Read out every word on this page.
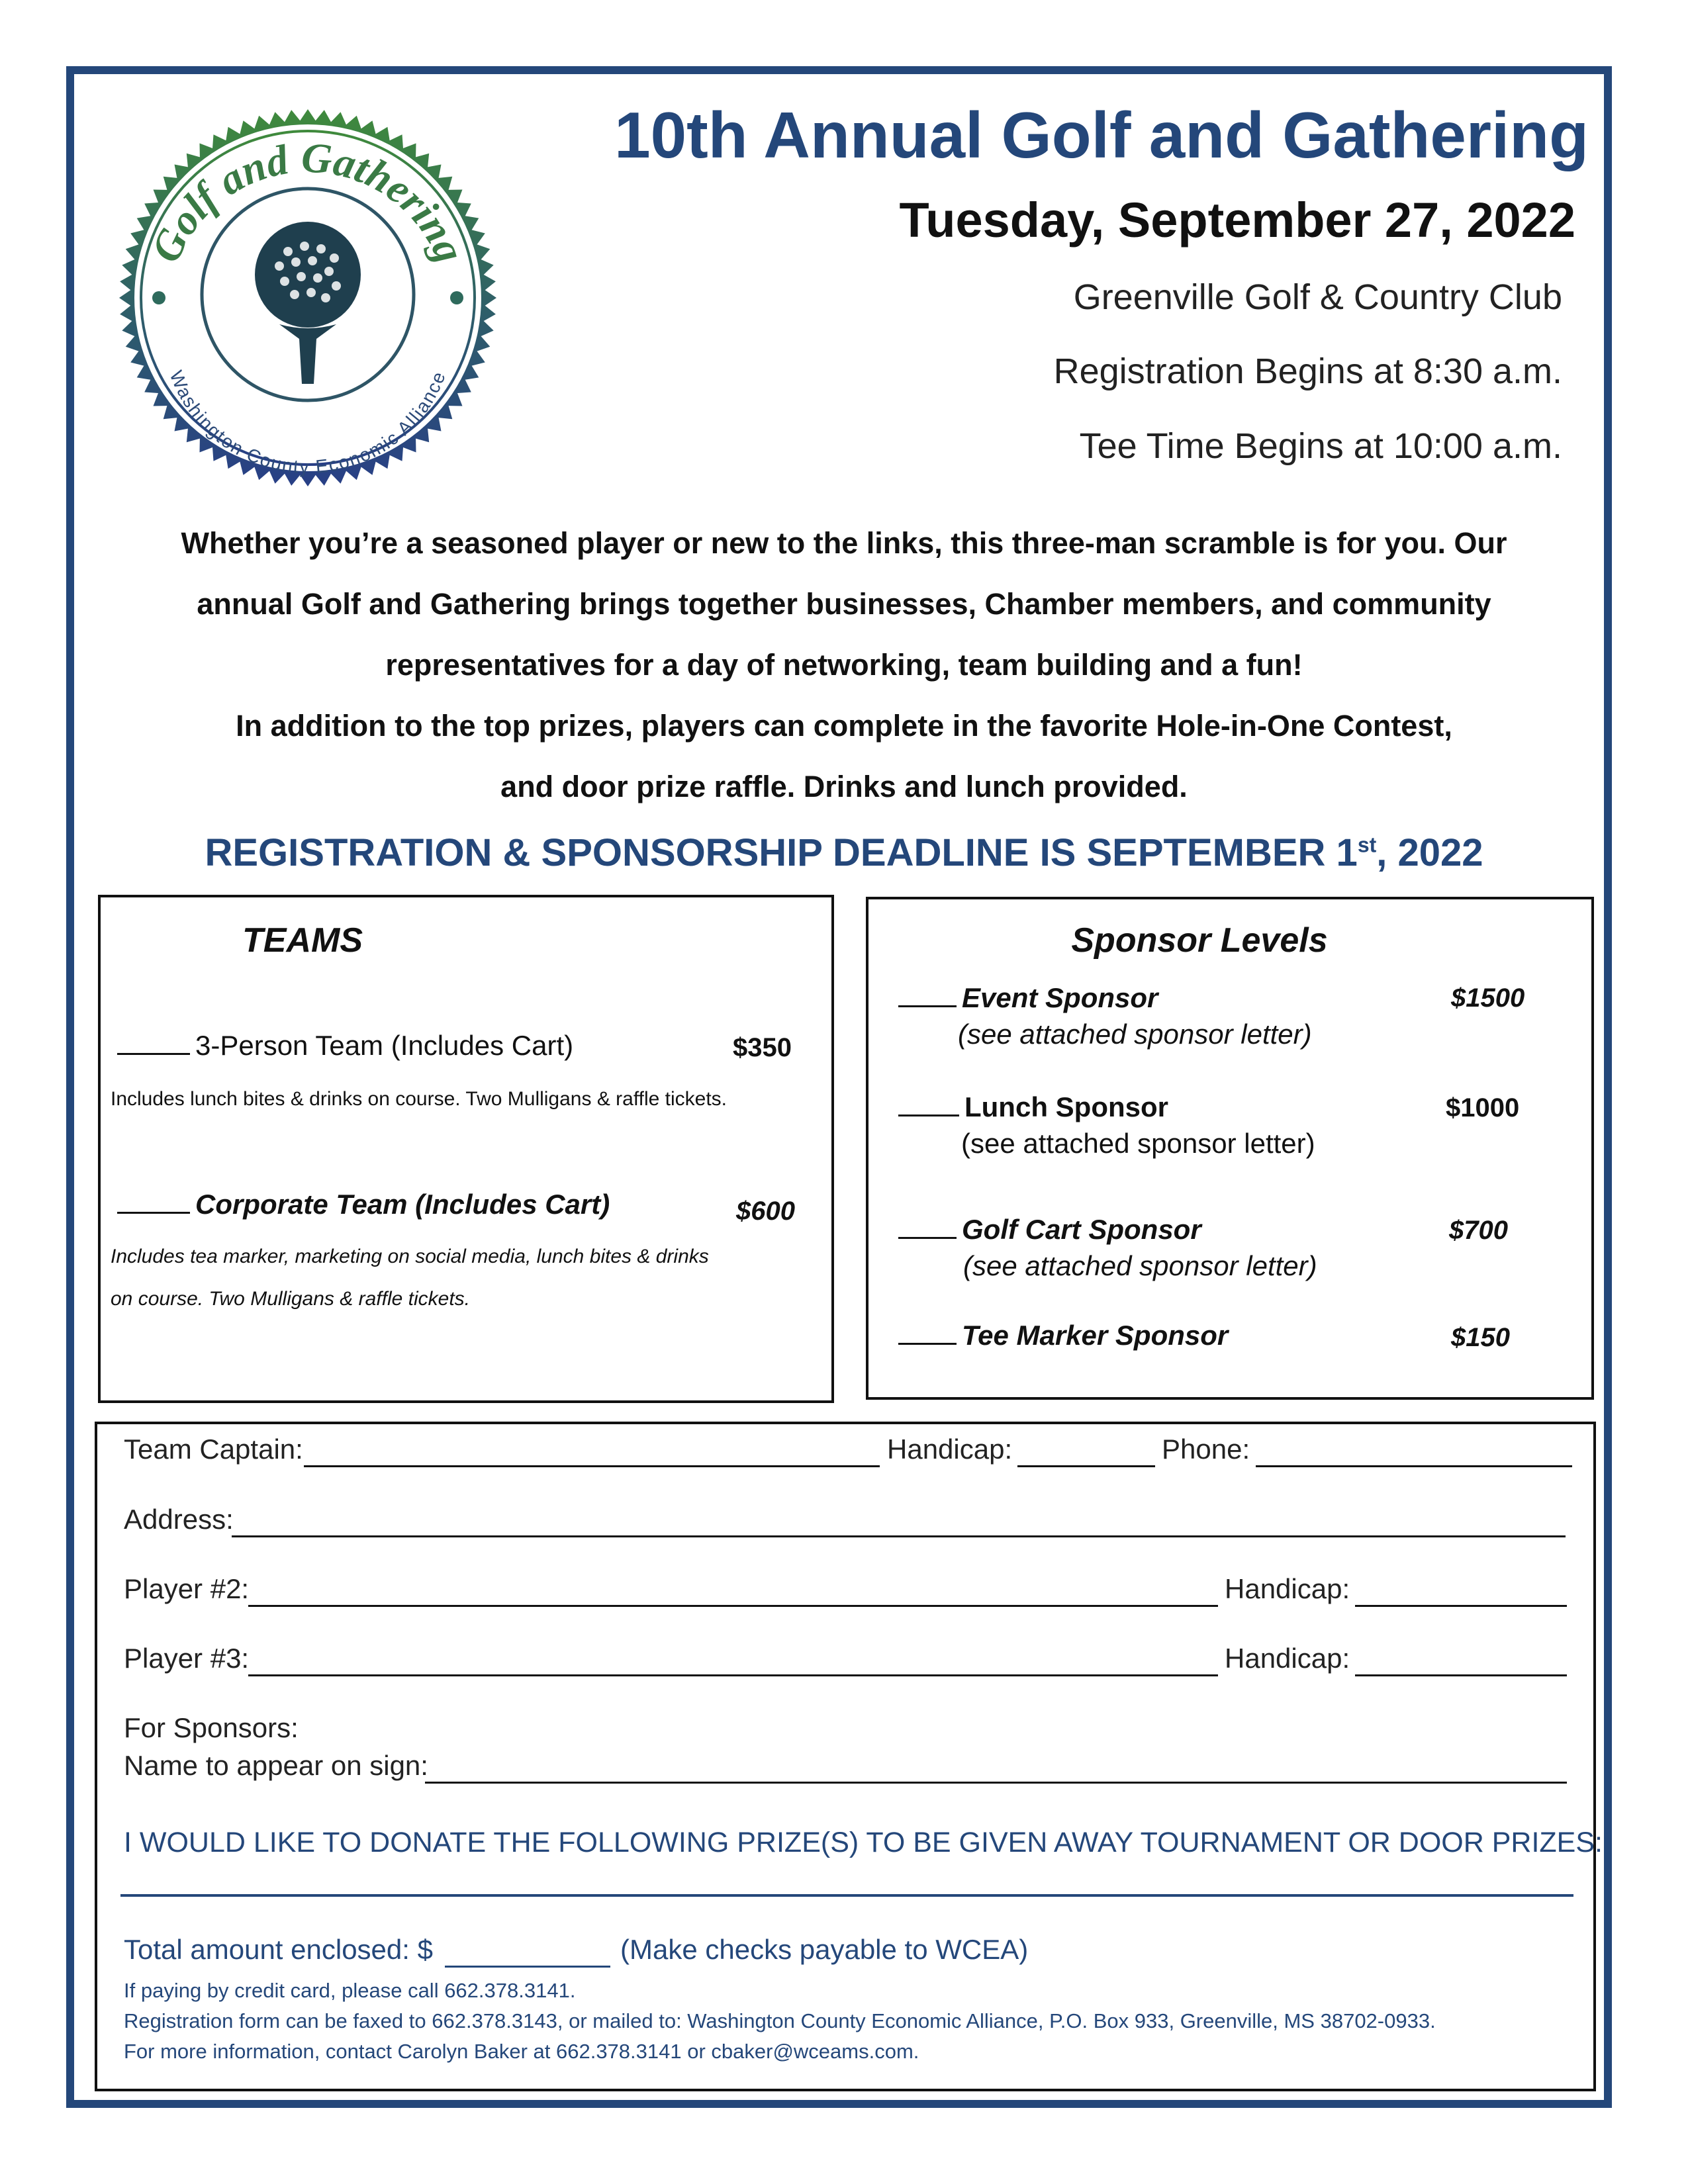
Golf and Gathering
Washington County Economic Alliance
10th Annual Golf and Gathering
Tuesday, September 27, 2022
Greenville Golf & Country Club
Registration Begins at 8:30 a.m.
Tee Time Begins at 10:00 a.m.
Whether you’re a seasoned player or new to the links, this three-man scramble is for you. Our
annual Golf and Gathering brings together businesses, Chamber members, and community
representatives for a day of networking, team building and a fun!
In addition to the top prizes, players can complete in the favorite Hole-in-One Contest,
and door prize raffle. Drinks and lunch provided.
REGISTRATION & SPONSORSHIP DEADLINE IS SEPTEMBER 1st, 2022
TEAMS
3-Person Team (Includes Cart)	$350
Includes lunch bites & drinks on course. Two Mulligans & raffle tickets.
Corporate Team (Includes Cart)	$600
Includes tea marker, marketing on social media, lunch bites & drinks
on course. Two Mulligans & raffle tickets.
Sponsor Levels
Event Sponsor	$1500
(see attached sponsor letter)
Lunch Sponsor	$1000
(see attached sponsor letter)
Golf Cart Sponsor	$700
(see attached sponsor letter)
Tee Marker Sponsor	$150
Team Captain:	Handicap:	Phone:
Address:
Player #2:	Handicap:
Player #3:	Handicap:
For Sponsors:
Name to appear on sign:
I WOULD LIKE TO DONATE THE FOLLOWING PRIZE(S) TO BE GIVEN AWAY TOURNAMENT OR DOOR PRIZES:
Total amount enclosed: $	(Make checks payable to WCEA)
If paying by credit card, please call 662.378.3141.
Registration form can be faxed to 662.378.3143, or mailed to: Washington County Economic Alliance, P.O. Box 933, Greenville, MS 38702-0933.
For more information, contact Carolyn Baker at 662.378.3141 or cbaker@wceams.com.
